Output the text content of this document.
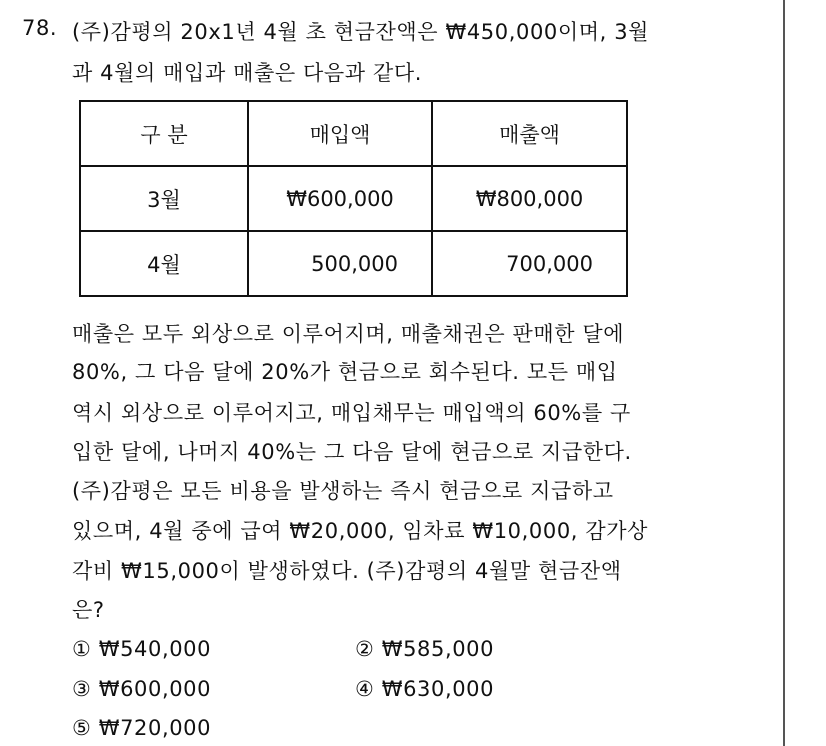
78. (주)감평의 20x1년 4월 초 현금잔액은 ₩450,000이며, 3월
과 4월의 매입과 매출은 다음과 같다.
구 분	매입액	매출액
3월	₩600,000	₩800,000
4월	500,000	700,000
매출은 모두 외상으로 이루어지며, 매출채권은 판매한 달에
80%, 그 다음 달에 20%가 현금으로 회수된다. 모든 매입
역시 외상으로 이루어지고, 매입채무는 매입액의 60%를 구
입한 달에, 나머지 40%는 그 다음 달에 현금으로 지급한다.
(주)감평은 모든 비용을 발생하는 즉시 현금으로 지급하고
있으며, 4월 중에 급여 ₩20,000, 임차료 ₩10,000, 감가상
각비 ₩15,000이 발생하였다. (주)감평의 4월말 현금잔액
은?
① ₩540,000	② ₩585,000
③ ₩600,000	④ ₩630,000
⑤ ₩720,000
